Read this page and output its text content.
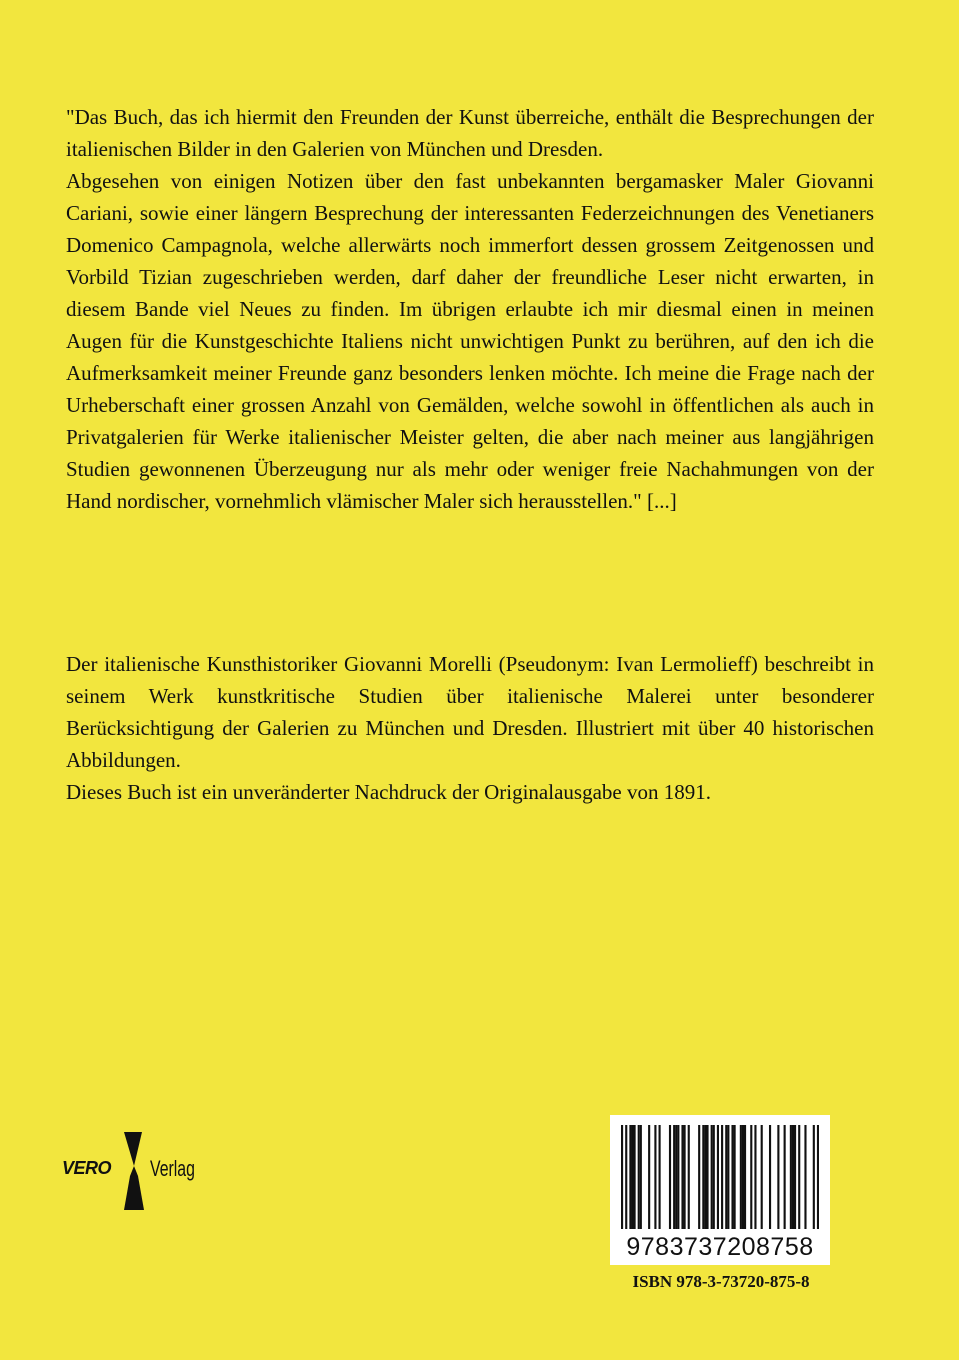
"Das Buch, das ich hiermit den Freunden der Kunst überreiche, enthält die Besprechungen der italienischen Bilder in den Galerien von München und Dresden.

Abgesehen von einigen Notizen über den fast unbekannten bergamasker Maler Giovanni Cariani, sowie einer längern Besprechung der interessanten Federzeichnungen des Venetianers Domenico Campagnola, welche allerwärts noch immerfort dessen grossem Zeitgenossen und Vorbild Tizian zugeschrieben werden, darf daher der freundliche Leser nicht erwarten, in diesem Bande viel Neues zu finden. Im übrigen erlaubte ich mir diesmal einen in meinen Augen für die Kunstgeschichte Italiens nicht unwichtigen Punkt zu berühren, auf den ich die Aufmerksamkeit meiner Freunde ganz besonders lenken möchte. Ich meine die Frage nach der Urheberschaft einer grossen Anzahl von Gemälden, welche sowohl in öffentlichen als auch in Privatgalerien für Werke italienischer Meister gelten, die aber nach meiner aus langjährigen Studien gewonnenen Überzeugung nur als mehr oder weniger freie Nachahmungen von der Hand nordischer, vornehmlich vlämischer Maler sich herausstellen." [...]

Der italienische Kunsthistoriker Giovanni Morelli (Pseudonym: Ivan Lermolieff) beschreibt in seinem Werk kunstkritische Studien über italienische Malerei unter besonderer Berücksichtigung der Galerien zu München und Dresden. Illustriert mit über 40 historischen Abbildungen.

Dieses Buch ist ein unveränderter Nachdruck der Originalausgabe von 1891.

VERO Verlag
9783737208758
ISBN 978-3-73720-875-8
